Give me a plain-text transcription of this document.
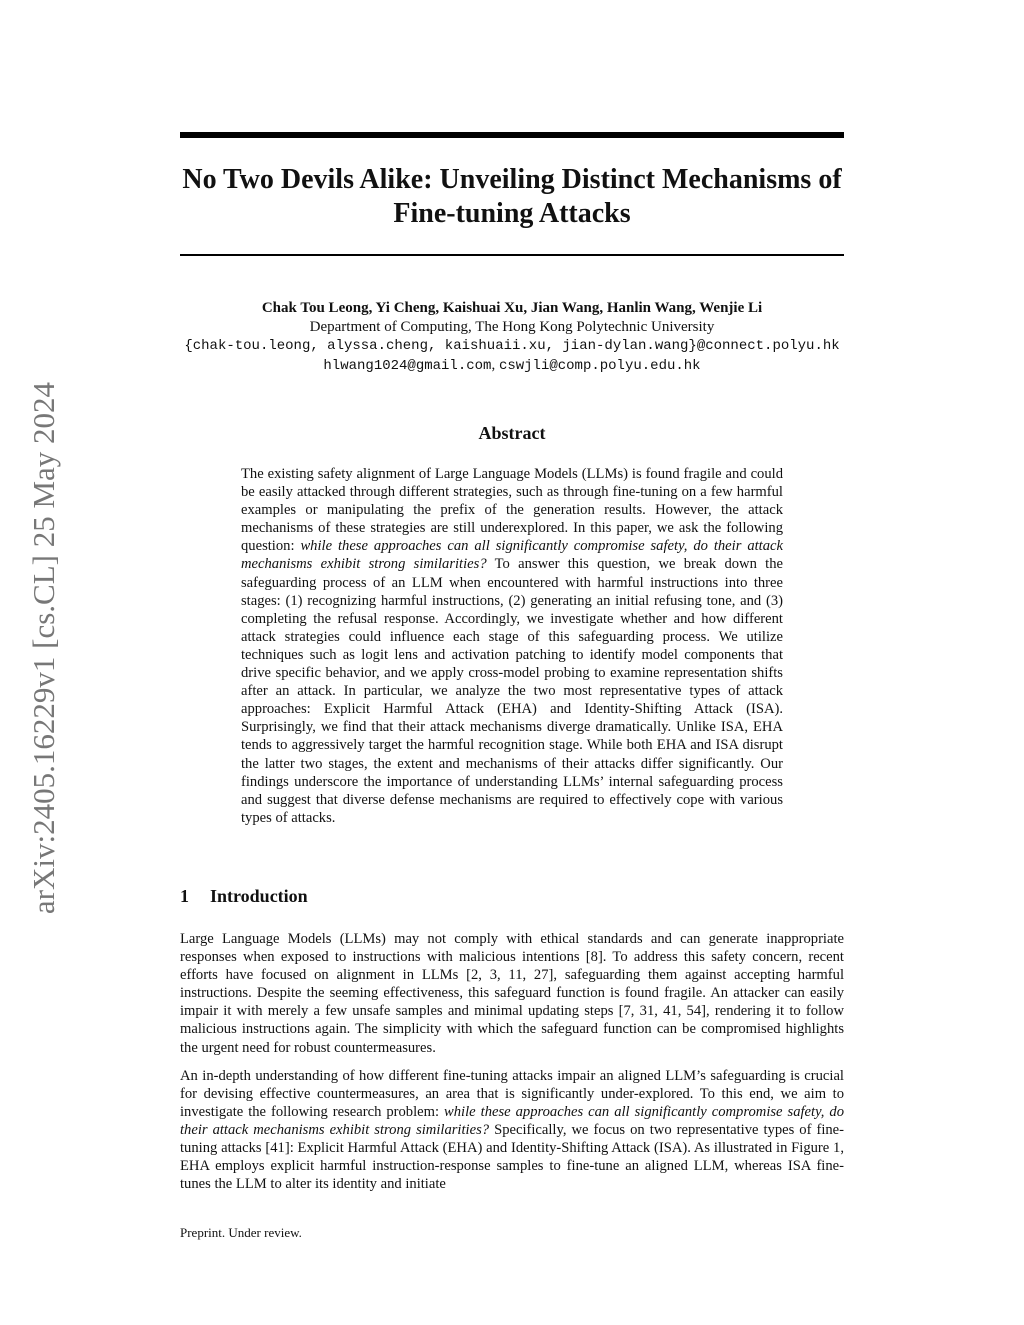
arXiv:2405.16229v1 [cs.CL] 25 May 2024
No Two Devils Alike: Unveiling Distinct Mechanisms of Fine-tuning Attacks
Chak Tou Leong, Yi Cheng, Kaishuai Xu, Jian Wang, Hanlin Wang, Wenjie Li
Department of Computing, The Hong Kong Polytechnic University
{chak-tou.leong, alyssa.cheng, kaishuaii.xu, jian-dylan.wang}@connect.polyu.hk
hlwang1024@gmail.com, cswjli@comp.polyu.edu.hk
Abstract
The existing safety alignment of Large Language Models (LLMs) is found fragile and could be easily attacked through different strategies, such as through fine-tuning on a few harmful examples or manipulating the prefix of the generation results. However, the attack mechanisms of these strategies are still underexplored. In this paper, we ask the following question: while these approaches can all significantly compromise safety, do their attack mechanisms exhibit strong similarities? To answer this question, we break down the safeguarding process of an LLM when encountered with harmful instructions into three stages: (1) recognizing harmful instructions, (2) generating an initial refusing tone, and (3) completing the refusal response. Accordingly, we investigate whether and how different attack strategies could influence each stage of this safeguarding process. We utilize techniques such as logit lens and activation patching to identify model components that drive specific behavior, and we apply cross-model probing to examine representation shifts after an attack. In particular, we analyze the two most representative types of attack approaches: Explicit Harmful Attack (EHA) and Identity-Shifting Attack (ISA). Surprisingly, we find that their attack mechanisms diverge dramatically. Unlike ISA, EHA tends to aggressively target the harmful recognition stage. While both EHA and ISA disrupt the latter two stages, the extent and mechanisms of their attacks differ significantly. Our findings underscore the importance of understanding LLMs’ internal safeguarding process and suggest that diverse defense mechanisms are required to effectively cope with various types of attacks.
1 Introduction

Large Language Models (LLMs) may not comply with ethical standards and can generate inappropriate responses when exposed to instructions with malicious intentions [8]. To address this safety concern, recent efforts have focused on alignment in LLMs [2, 3, 11, 27], safeguarding them against accepting harmful instructions. Despite the seeming effectiveness, this safeguard function is found fragile. An attacker can easily impair it with merely a few unsafe samples and minimal updating steps [7, 31, 41, 54], rendering it to follow malicious instructions again. The simplicity with which the safeguard function can be compromised highlights the urgent need for robust countermeasures.

An in-depth understanding of how different fine-tuning attacks impair an aligned LLM’s safeguarding is crucial for devising effective countermeasures, an area that is significantly under-explored. To this end, we aim to investigate the following research problem: while these approaches can all significantly compromise safety, do their attack mechanisms exhibit strong similarities? Specifically, we focus on two representative types of fine-tuning attacks [41]: Explicit Harmful Attack (EHA) and Identity-Shifting Attack (ISA). As illustrated in Figure 1, EHA employs explicit harmful instruction-response samples to fine-tune an aligned LLM, whereas ISA fine-tunes the LLM to alter its identity and initiate

Preprint. Under review.
